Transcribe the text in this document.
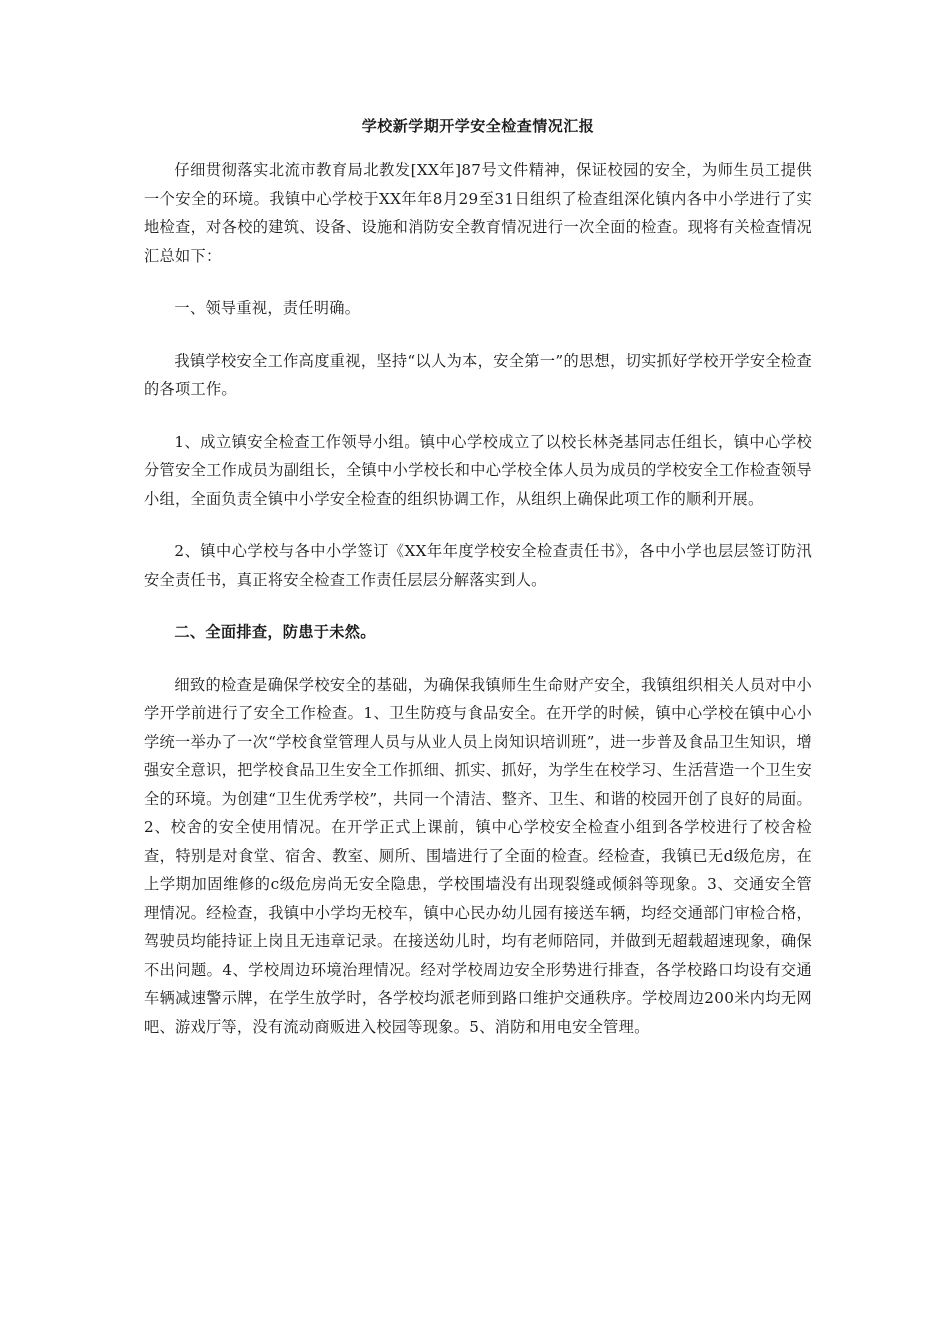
学校新学期开学安全检查情况汇报

仔细贯彻落实北流市教育局北教发[XX年]87号文件精神，保证校园的安全，为师生员工提供一个安全的环境。我镇中心学校于XX年年8月29至31日组织了检查组深化镇内各中小学进行了实地检查，对各校的建筑、设备、设施和消防安全教育情况进行一次全面的检查。现将有关检查情况汇总如下：

一、领导重视，责任明确。

我镇学校安全工作高度重视，坚持“以人为本，安全第一”的思想，切实抓好学校开学安全检查的各项工作。

1、成立镇安全检查工作领导小组。镇中心学校成立了以校长林尧基同志任组长，镇中心学校分管安全工作成员为副组长，全镇中小学校长和中心学校全体人员为成员的学校安全工作检查领导小组，全面负责全镇中小学安全检查的组织协调工作，从组织上确保此项工作的顺利开展。

2、镇中心学校与各中小学签订《XX年年度学校安全检查责任书》，各中小学也层层签订防汛安全责任书，真正将安全检查工作责任层层分解落实到人。

二、全面排查，防患于未然。

细致的检查是确保学校安全的基础，为确保我镇师生生命财产安全，我镇组织相关人员对中小学开学前进行了安全工作检查。1、卫生防疫与食品安全。在开学的时候，镇中心学校在镇中心小学统一举办了一次“学校食堂管理人员与从业人员上岗知识培训班”，进一步普及食品卫生知识，增强安全意识，把学校食品卫生安全工作抓细、抓实、抓好，为学生在校学习、生活营造一个卫生安全的环境。为创建“卫生优秀学校”，共同一个清洁、整齐、卫生、和谐的校园开创了良好的局面。2、校舍的安全使用情况。在开学正式上课前，镇中心学校安全检查小组到各学校进行了校舍检查，特别是对食堂、宿舍、教室、厕所、围墙进行了全面的检查。经检查，我镇已无d级危房，在上学期加固维修的c级危房尚无安全隐患，学校围墙没有出现裂缝或倾斜等现象。3、交通安全管理情况。经检查，我镇中小学均无校车，镇中心民办幼儿园有接送车辆，均经交通部门审检合格，驾驶员均能持证上岗且无违章记录。在接送幼儿时，均有老师陪同，并做到无超载超速现象，确保不出问题。4、学校周边环境治理情况。经对学校周边安全形势进行排查，各学校路口均设有交通车辆减速警示牌，在学生放学时，各学校均派老师到路口维护交通秩序。学校周边200米内均无网吧、游戏厅等，没有流动商贩进入校园等现象。5、消防和用电安全管理。
